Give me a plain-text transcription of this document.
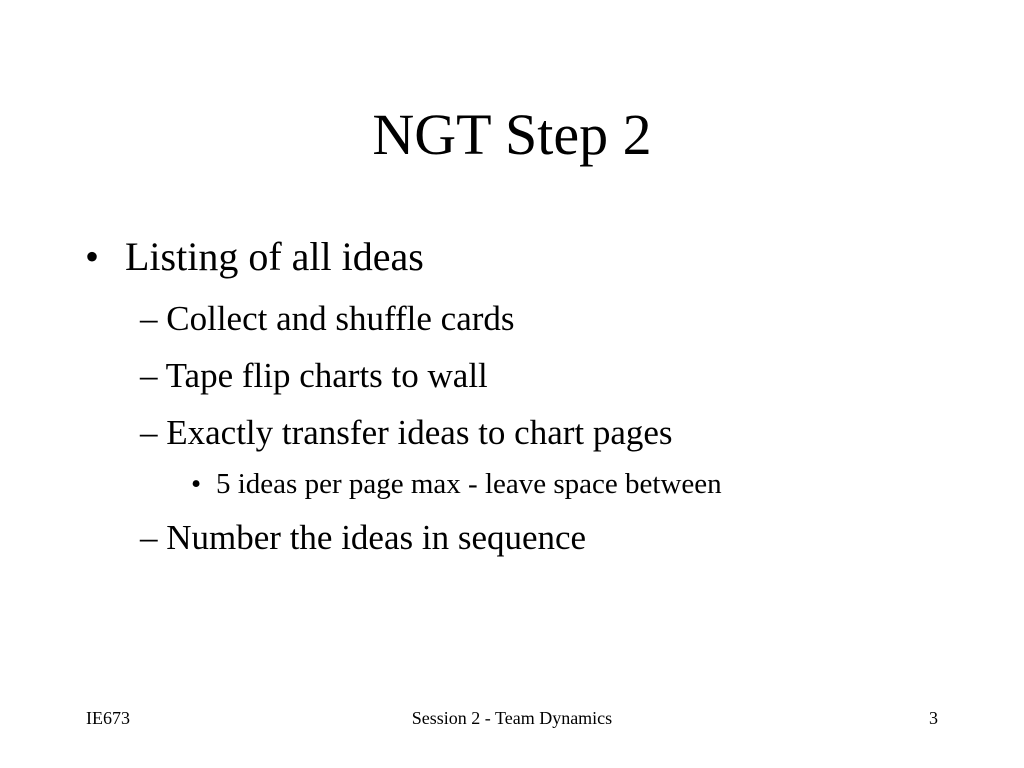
NGT Step 2
• Listing of all ideas
– Collect and shuffle cards
– Tape flip charts to wall
– Exactly transfer ideas to chart pages
• 5 ideas per page max - leave space between
– Number the ideas in sequence
IE673	Session 2 - Team Dynamics	3
